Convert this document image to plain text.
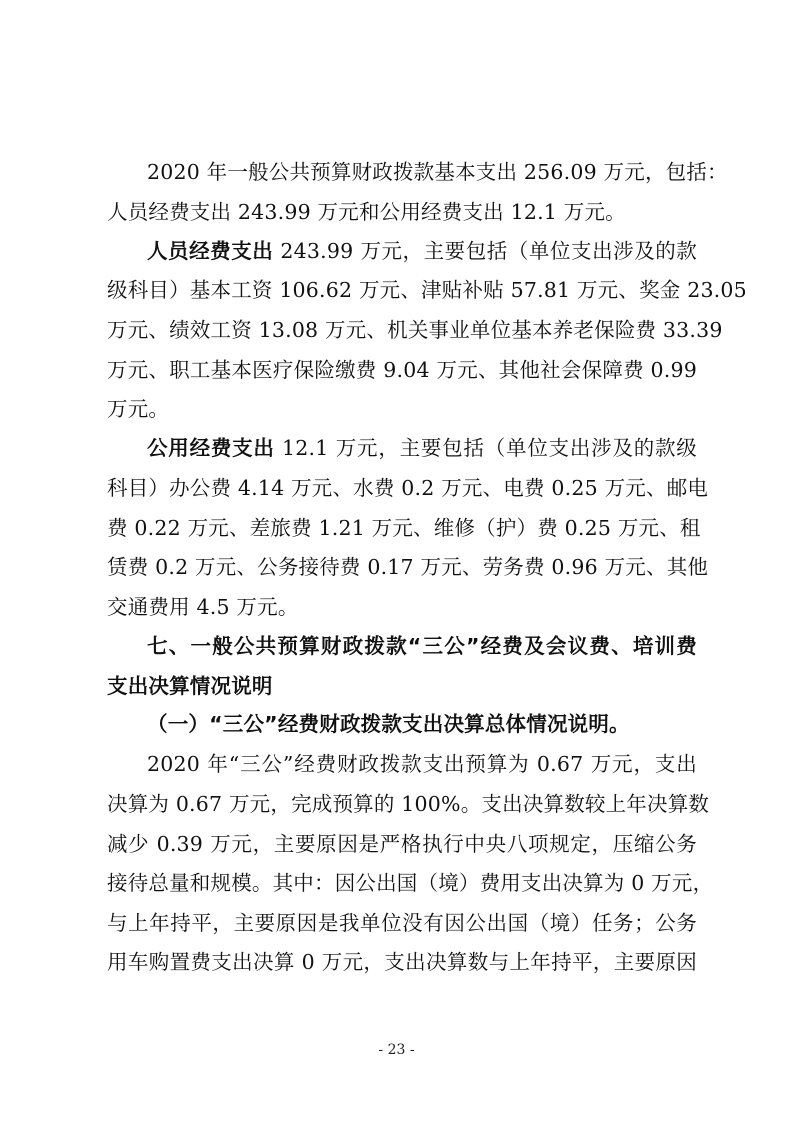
2020 年一般公共预算财政拨款基本支出 256.09 万元，包括：
人员经费支出 243.99 万元和公用经费支出 12.1 万元。
人员经费支出 243.99 万元，主要包括（单位支出涉及的款
级科目）基本工资 106.62 万元、津贴补贴 57.81 万元、奖金 23.05
万元、绩效工资 13.08 万元、机关事业单位基本养老保险费 33.39
万元、职工基本医疗保险缴费 9.04 万元、其他社会保障费 0.99
万元。
公用经费支出 12.1 万元，主要包括（单位支出涉及的款级
科目）办公费 4.14 万元、水费 0.2 万元、电费 0.25 万元、邮电
费 0.22 万元、差旅费 1.21 万元、维修（护）费 0.25 万元、租
赁费 0.2 万元、公务接待费 0.17 万元、劳务费 0.96 万元、其他
交通费用 4.5 万元。
七、一般公共预算财政拨款“三公”经费及会议费、培训费
支出决算情况说明
（一）“三公”经费财政拨款支出决算总体情况说明。
2020 年“三公”经费财政拨款支出预算为 0.67 万元，支出
决算为 0.67 万元，完成预算的 100%。支出决算数较上年决算数
减少 0.39 万元，主要原因是严格执行中央八项规定，压缩公务
接待总量和规模。其中：因公出国（境）费用支出决算为 0 万元，
与上年持平，主要原因是我单位没有因公出国（境）任务；公务
用车购置费支出决算 0 万元，支出决算数与上年持平，主要原因
- 23 -
